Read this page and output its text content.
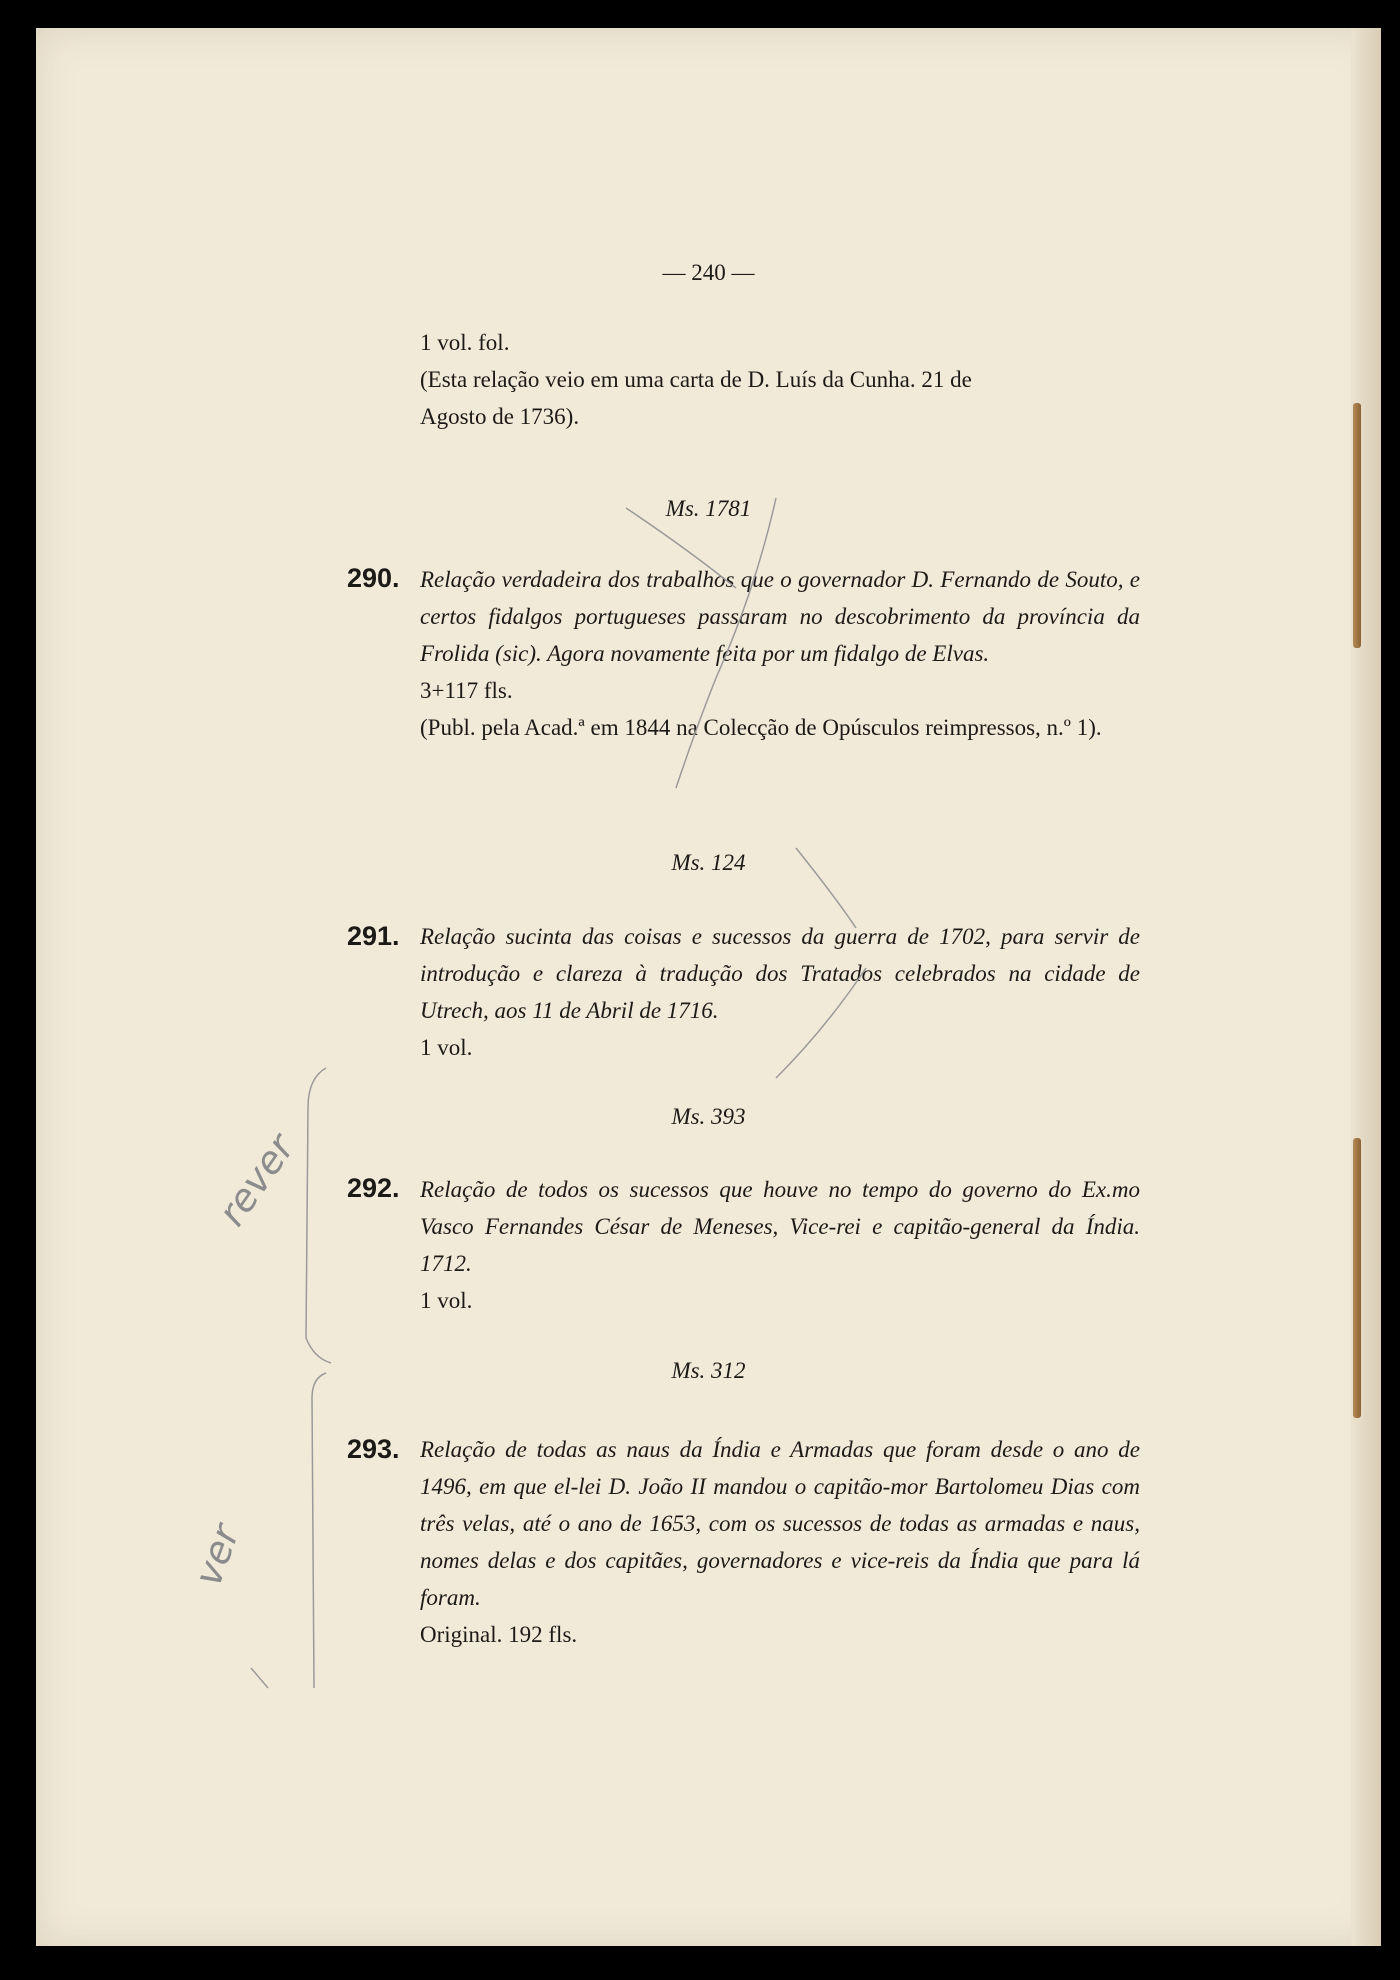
— 240 —
1 vol. fol.
(Esta relação veio em uma carta de D. Luís da Cunha. 21 de
Agosto de 1736).
Ms. 1781
290. Relação verdadeira dos trabalhos que o governador D. Fernando de Souto, e certos fidalgos portugueses passaram no descobrimento da província da Frolida (sic). Agora novamente feita por um fidalgo de Elvas.
3+117 fls.
(Publ. pela Acad.ª em 1844 na Colecção de Opúsculos reimpressos, n.º 1).
Ms. 124
291. Relação sucinta das coisas e sucessos da guerra de 1702, para servir de introdução e clareza à tradução dos Tratados celebrados na cidade de Utrech, aos 11 de Abril de 1716.
1 vol.
Ms. 393
292. Relação de todos os sucessos que houve no tempo do governo do Ex.mo Vasco Fernandes César de Meneses, Vice-rei e capitão-general da Índia. 1712.
1 vol.
Ms. 312
293. Relação de todas as naus da Índia e Armadas que foram desde o ano de 1496, em que el-lei D. João II mandou o capitão-mor Bartolomeu Dias com três velas, até o ano de 1653, com os sucessos de todas as armadas e naus, nomes delas e dos capitães, governadores e vice-reis da Índia que para lá foram.
Original. 192 fls.
rever
ver
